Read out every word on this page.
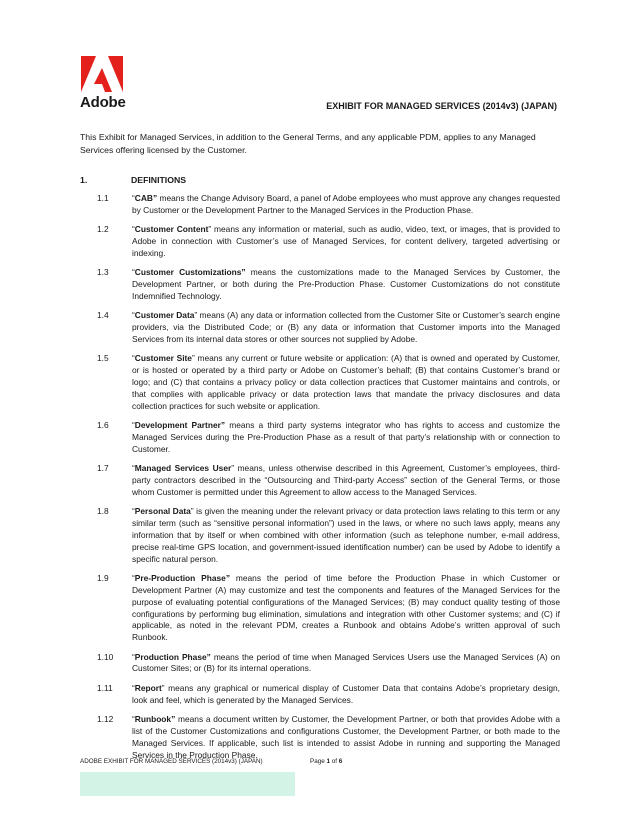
Adobe	EXHIBIT FOR MANAGED SERVICES (2014v3) (JAPAN)
This Exhibit for Managed Services, in addition to the General Terms, and any applicable PDM, applies to any Managed Services offering licensed by the Customer.
1.	DEFINITIONS
1.1	“CAB” means the Change Advisory Board, a panel of Adobe employees who must approve any changes requested by Customer or the Development Partner to the Managed Services in the Production Phase.
1.2	“Customer Content” means any information or material, such as audio, video, text, or images, that is provided to Adobe in connection with Customer’s use of Managed Services, for content delivery, targeted advertising or indexing.
1.3	“Customer Customizations” means the customizations made to the Managed Services by Customer, the Development Partner, or both during the Pre-Production Phase. Customer Customizations do not constitute Indemnified Technology.
1.4	“Customer Data” means (A) any data or information collected from the Customer Site or Customer’s search engine providers, via the Distributed Code; or (B) any data or information that Customer imports into the Managed Services from its internal data stores or other sources not supplied by Adobe.
1.5	“Customer Site” means any current or future website or application: (A) that is owned and operated by Customer, or is hosted or operated by a third party or Adobe on Customer’s behalf; (B) that contains Customer’s brand or logo; and (C) that contains a privacy policy or data collection practices that Customer maintains and controls, or that complies with applicable privacy or data protection laws that mandate the privacy disclosures and data collection practices for such website or application.
1.6	“Development Partner” means a third party systems integrator who has rights to access and customize the Managed Services during the Pre-Production Phase as a result of that party’s relationship with or connection to Customer.
1.7	“Managed Services User” means, unless otherwise described in this Agreement, Customer’s employees, third-party contractors described in the “Outsourcing and Third-party Access” section of the General Terms, or those whom Customer is permitted under this Agreement to allow access to the Managed Services.
1.8	“Personal Data” is given the meaning under the relevant privacy or data protection laws relating to this term or any similar term (such as “sensitive personal information”) used in the laws, or where no such laws apply, means any information that by itself or when combined with other information (such as telephone number, e-mail address, precise real-time GPS location, and government-issued identification number) can be used by Adobe to identify a specific natural person.
1.9	“Pre-Production Phase” means the period of time before the Production Phase in which Customer or Development Partner (A) may customize and test the components and features of the Managed Services for the purpose of evaluating potential configurations of the Managed Services; (B) may conduct quality testing of those configurations by performing bug elimination, simulations and integration with other Customer systems; and (C) if applicable, as noted in the relevant PDM, creates a Runbook and obtains Adobe’s written approval of such Runbook.
1.10	“Production Phase” means the period of time when Managed Services Users use the Managed Services (A) on Customer Sites; or (B) for its internal operations.
1.11	“Report” means any graphical or numerical display of Customer Data that contains Adobe’s proprietary design, look and feel, which is generated by the Managed Services.
1.12	“Runbook” means a document written by Customer, the Development Partner, or both that provides Adobe with a list of the Customer Customizations and configurations Customer, the Development Partner, or both made to the Managed Services. If applicable, such list is intended to assist Adobe in running and supporting the Managed Services in the Production Phase.
ADOBE EXHIBIT FOR MANAGED SERVICES (2014v3) (JAPAN)	Page 1 of 6
